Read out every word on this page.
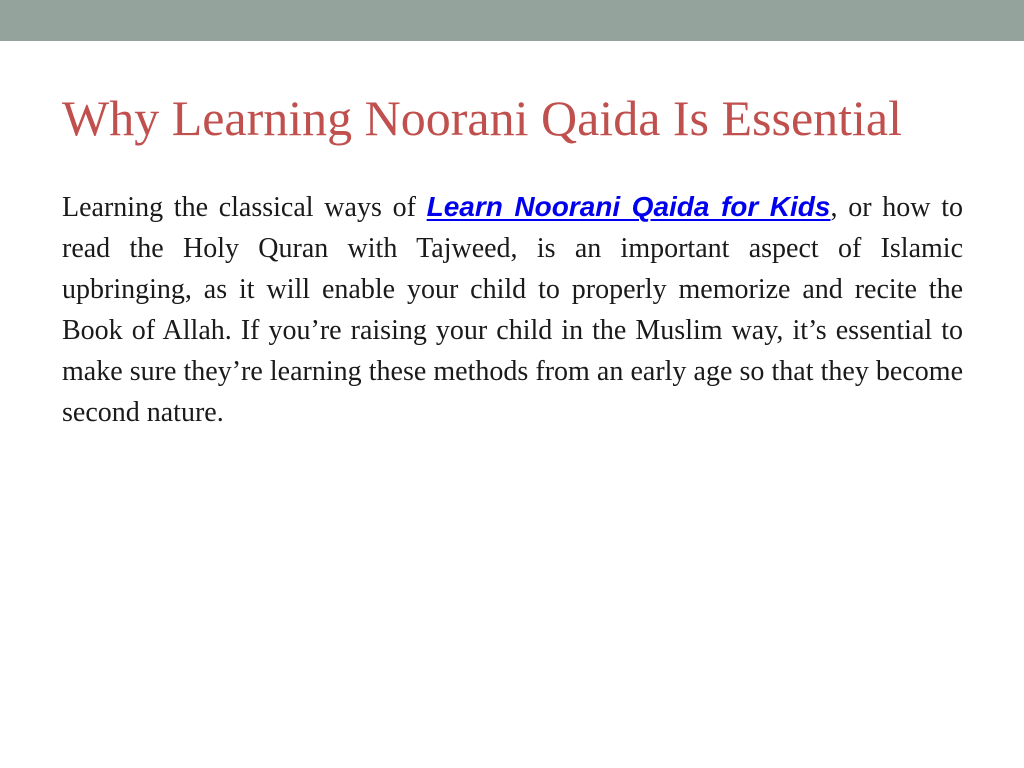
Why Learning Noorani Qaida Is Essential

Learning the classical ways of Learn Noorani Qaida for Kids, or how to read the Holy Quran with Tajweed, is an important aspect of Islamic upbringing, as it will enable your child to properly memorize and recite the Book of Allah. If you’re raising your child in the Muslim way, it’s essential to make sure they’re learning these methods from an early age so that they become second nature.
